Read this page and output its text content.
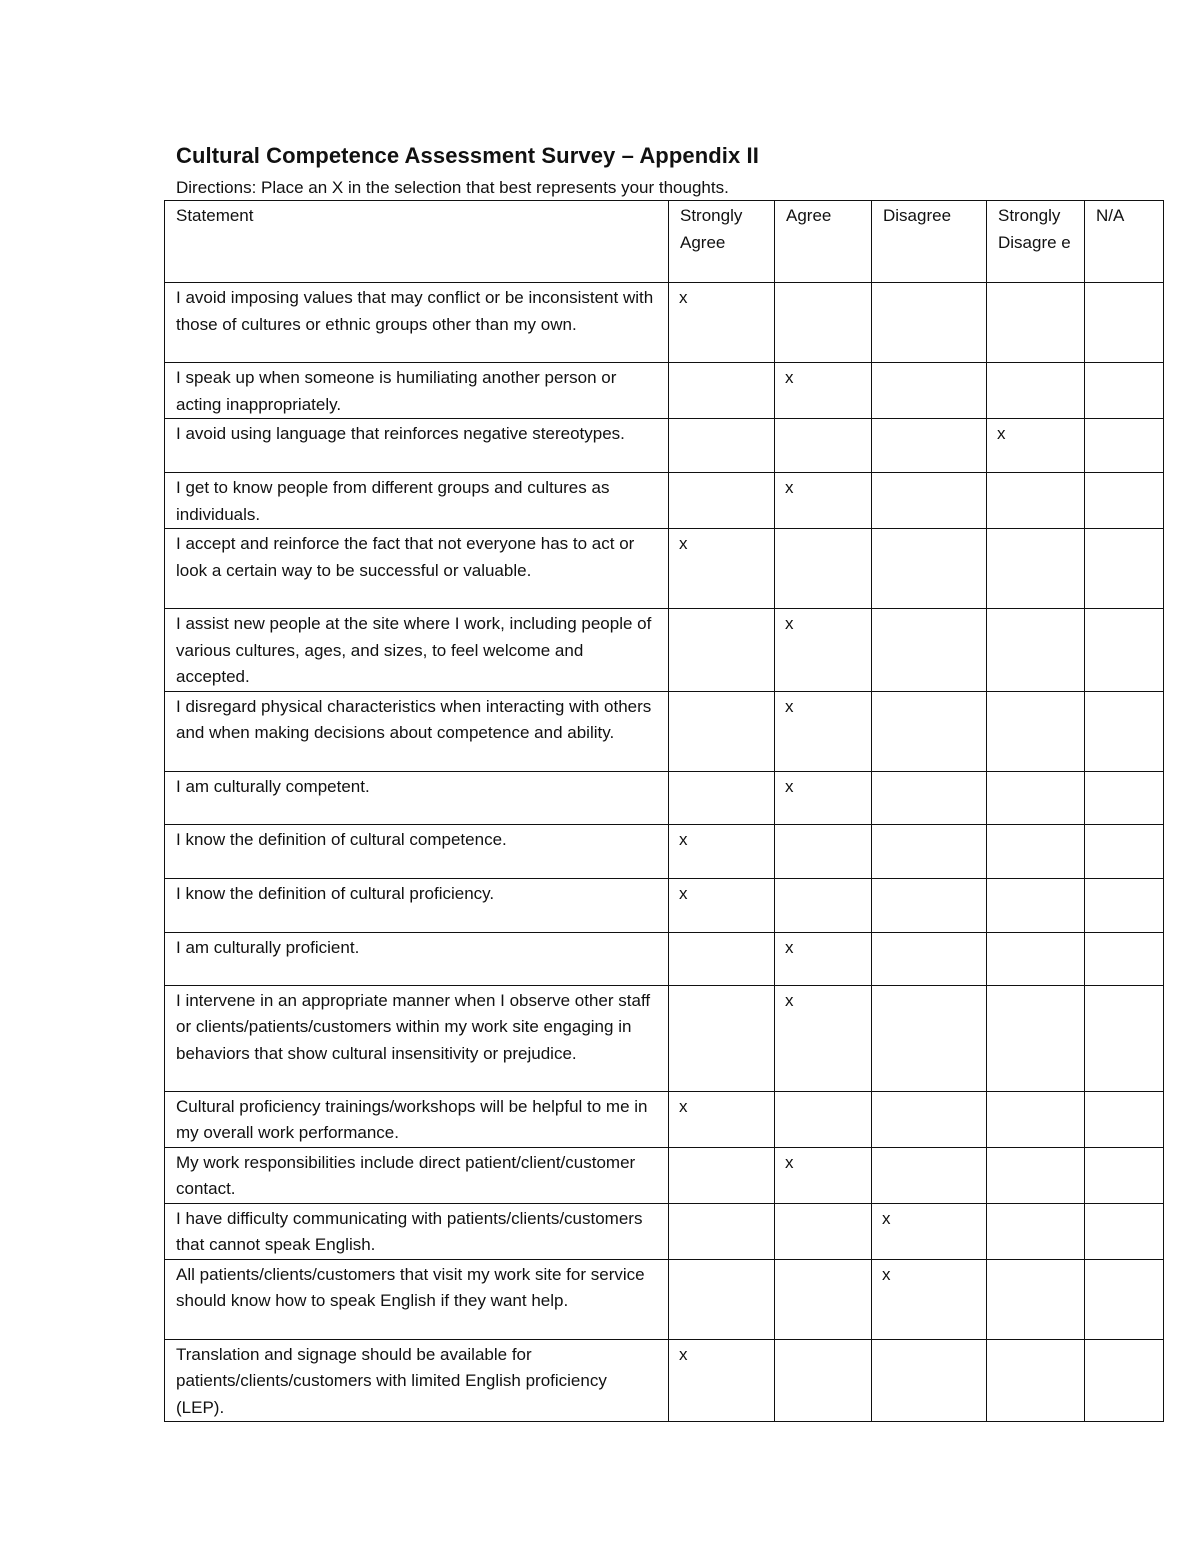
Cultural Competence Assessment Survey – Appendix II
Directions: Place an X in the selection that best represents your thoughts.
Statement	Strongly Agree	Agree	Disagree	Strongly Disagre e	N/A
I avoid imposing values that may conflict or be inconsistent with those of cultures or ethnic groups other than my own.	x				
I speak up when someone is humiliating another person or acting inappropriately.		x			
I avoid using language that reinforces negative stereotypes.				x	
I get to know people from different groups and cultures as individuals.		x			
I accept and reinforce the fact that not everyone has to act or look a certain way to be successful or valuable.	x				
I assist new people at the site where I work, including people of various cultures, ages, and sizes, to feel welcome and accepted.		x			
I disregard physical characteristics when interacting with others and when making decisions about competence and ability.		x			
I am culturally competent.		x			
I know the definition of cultural competence.	x				
I know the definition of cultural proficiency.	x				
I am culturally proficient.		x			
I intervene in an appropriate manner when I observe other staff or clients/patients/customers within my work site engaging in behaviors that show cultural insensitivity or prejudice.		x			
Cultural proficiency trainings/workshops will be helpful to me in my overall work performance.	x				
My work responsibilities include direct patient/client/customer contact.		x			
I have difficulty communicating with patients/clients/customers that cannot speak English.			x		
All patients/clients/customers that visit my work site for service should know how to speak English if they want help.			x		
Translation and signage should be available for patients/clients/customers with limited English proficiency (LEP).	x				
